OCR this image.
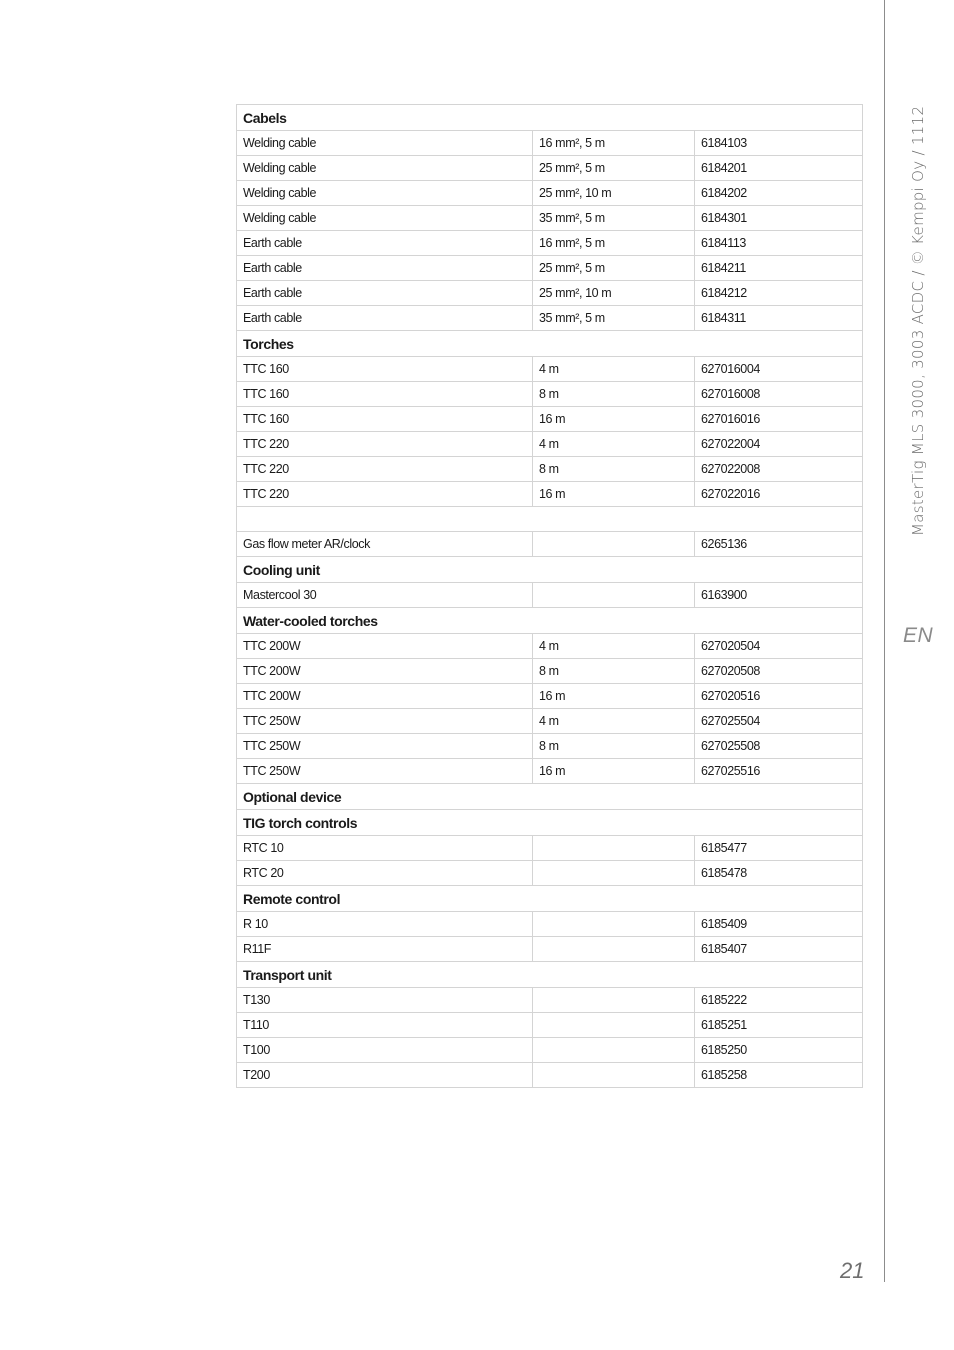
MasterTig MLS 3000, 3003 ACDC / © Kemppi Oy / 1112
EN
Cabels		
Welding cable	16 mm², 5 m	6184103
Welding cable	25 mm², 5 m	6184201
Welding cable	25 mm², 10 m	6184202
Welding cable	35 mm², 5 m	6184301
Earth cable	16 mm², 5 m	6184113
Earth cable	25 mm², 5 m	6184211
Earth cable	25 mm², 10 m	6184212
Earth cable	35 mm², 5 m	6184311
Torches		
TTC 160	4 m	627016004
TTC 160	8 m	627016008
TTC 160	16 m	627016016
TTC 220	4 m	627022004
TTC 220	8 m	627022008
TTC 220	16 m	627022016

Gas flow meter AR/clock		6265136
Cooling unit		
Mastercool 30		6163900
Water-cooled torches		
TTC 200W	4 m	627020504
TTC 200W	8 m	627020508
TTC 200W	16 m	627020516
TTC 250W	4 m	627025504
TTC 250W	8 m	627025508
TTC 250W	16 m	627025516
Optional device		
TIG torch controls		
RTC 10		6185477
RTC 20		6185478
Remote control		
R 10		6185409
R11F		6185407
Transport unit		
T130		6185222
T110		6185251
T100		6185250
T200		6185258
21
